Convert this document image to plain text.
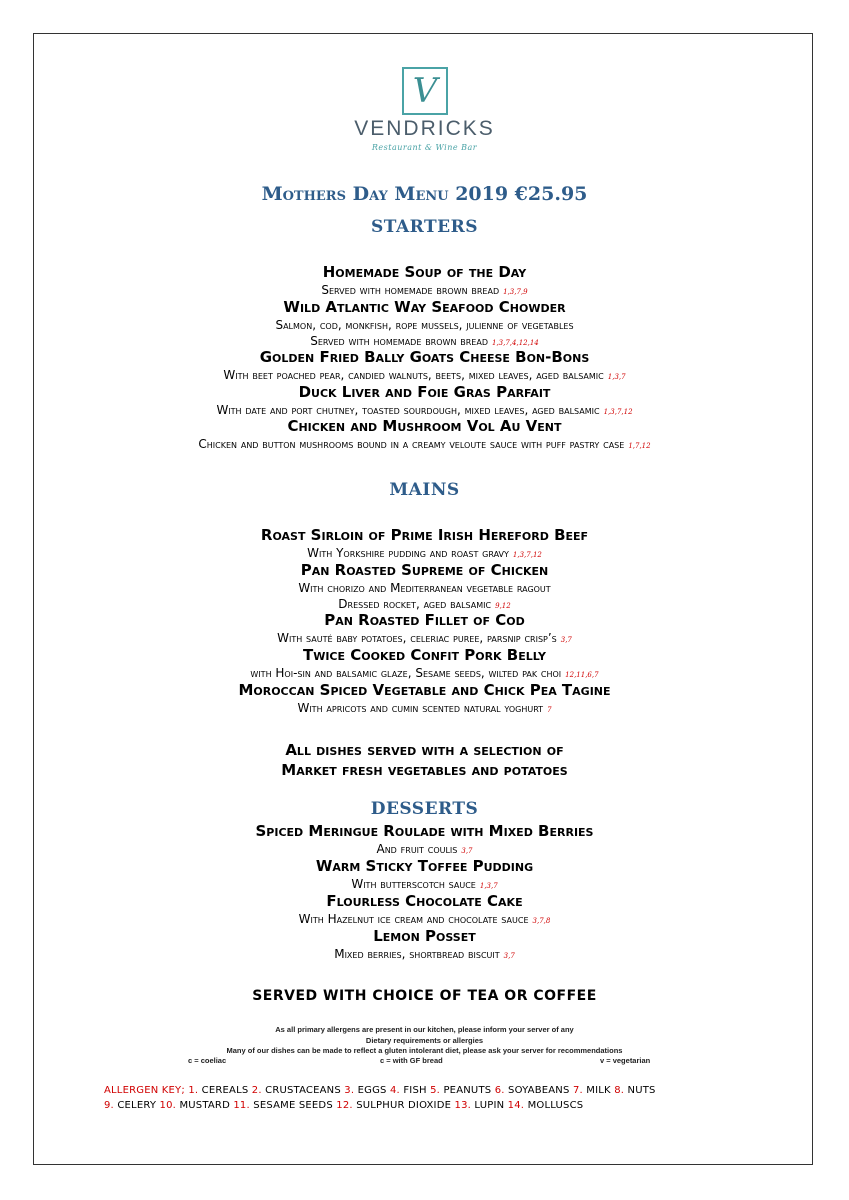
V
VENDRICKS
Restaurant & Wine Bar
Mothers Day Menu 2019 €25.95
STARTERS
Homemade Soup of the Day
Served with homemade brown bread 1,3,7,9
Wild Atlantic Way Seafood Chowder
Salmon, cod, monkfish, rope mussels, julienne of vegetables
Served with homemade brown bread 1,3,7,4,12,14
Golden Fried Bally Goats Cheese Bon-Bons
With beet poached pear, candied walnuts, beets, mixed leaves, aged balsamic 1,3,7
Duck Liver and Foie Gras Parfait
With date and port chutney, toasted sourdough, mixed leaves, aged balsamic 1,3,7,12
Chicken and Mushroom Vol Au Vent
Chicken and button mushrooms bound in a creamy veloute sauce with puff pastry case 1,7,12
MAINS
Roast Sirloin of Prime Irish Hereford Beef
With Yorkshire pudding and roast gravy 1,3,7,12
Pan Roasted Supreme of Chicken
With chorizo and Mediterranean vegetable ragout
Dressed rocket, aged balsamic 9,12
Pan Roasted Fillet of Cod
With sauté baby potatoes, celeriac puree, parsnip crisp’s 3,7
Twice Cooked Confit Pork Belly
with Hoi-sin and balsamic glaze, Sesame seeds, wilted pak choi 12,11,6,7
Moroccan Spiced Vegetable and Chick Pea Tagine
With apricots and cumin scented natural yoghurt 7
All dishes served with a selection of
Market fresh vegetables and potatoes
DESSERTS
Spiced Meringue Roulade with Mixed Berries
And fruit coulis 3,7
Warm Sticky Toffee Pudding
With butterscotch sauce 1,3,7
Flourless Chocolate Cake
With Hazelnut ice cream and chocolate sauce 3,7,8
Lemon Posset
Mixed berries, shortbread biscuit 3,7
SERVED WITH CHOICE OF TEA OR COFFEE
As all primary allergens are present in our kitchen, please inform your server of any
Dietary requirements or allergies
Many of our dishes can be made to reflect a gluten intolerant diet, please ask your server for recommendations
c = coeliac	c = with GF bread	v = vegetarian
ALLERGEN KEY; 1. CEREALS 2. CRUSTACEANS 3. EGGS 4. FISH 5. PEANUTS 6. SOYABEANS 7. MILK 8. NUTS
9. CELERY 10. MUSTARD 11. SESAME SEEDS 12. SULPHUR DIOXIDE 13. LUPIN 14. MOLLUSCS
